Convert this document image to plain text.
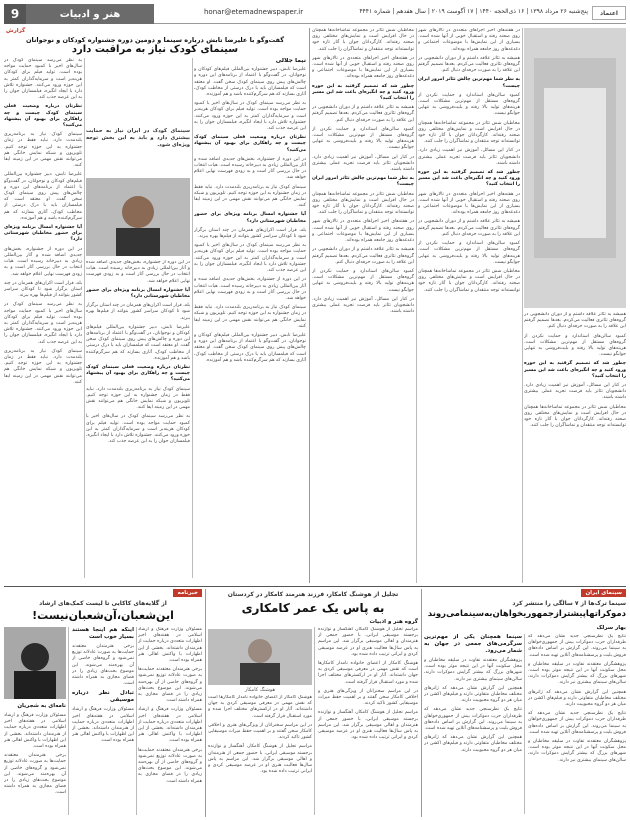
9	هنر و ادبیات	honar@etemadnewspaper.ir	پنج‌شنبه ۲۶ مرداد ۱۳۹۸ | ۱۶ ذی‌الحجه ۱۴۴۰ | ۱۷ آگوست ۲۰۱۹ | سال هفدهم | شماره ۴۴۴۱	اعتماد
گزارش
گفت‌وگو با علیرضا تابش درباره سینما و دومین دوره جشنواره کودکان و نوجوانان
سینمای کودک نیاز به مراقبت دارد
نیما جلالی

علیرضا تابش، دبیر جشنواره بین‌المللی فیلم‌های کودکان و نوجوانان، در گفت‌وگو با اعتماد از برنامه‌های این دوره و چالش‌های پیش روی سینمای کودک سخن گفت. او معتقد است که فیلمسازان باید با درک درستی از مخاطب کودک، آثاری بسازند که هم سرگرم‌کننده باشد و هم آموزنده.

به نظر می‌رسد سینمای کودک در سال‌های اخیر با کمبود حمایت مواجه بوده است. تولید فیلم برای کودکان هزینه‌بر است و سرمایه‌گذاران کمتر به این حوزه ورود می‌کنند. جشنواره تلاش دارد با ایجاد انگیزه، فیلمسازان جوان را به این عرصه جذب کند.

نظرتان درباره وضعیت فعلی سینمای کودک چیست و چه راهکاری برای بهبود آن پیشنهاد می‌کنید؟

در این دوره از جشنواره، بخش‌های جدیدی اضافه شده و آثار بین‌المللی زیادی به دبیرخانه رسیده است. هیات انتخاب در حال بررسی آثار است و به زودی فهرست نهایی اعلام خواهد شد.

سینمای کودک نیاز به برنامه‌ریزی بلندمدت دارد. نباید فقط در زمان جشنواره به این حوزه توجه کنیم. تلویزیون و شبکه نمایش خانگی هم می‌توانند نقش مهمی در این زمینه ایفا کنند.

آیا جشنواره امسال برنامه ویژه‌ای برای حضور مخاطبان شهرستانی دارد؟

بله، قرار است اکران‌های همزمان در چند استان برگزار شود تا کودکان سراسر کشور بتوانند از فیلم‌ها بهره ببرند.

به نظر می‌رسد سینمای کودک در سال‌های اخیر با کمبود حمایت مواجه بوده است. تولید فیلم برای کودکان هزینه‌بر است و سرمایه‌گذاران کمتر به این حوزه ورود می‌کنند. جشنواره تلاش دارد با ایجاد انگیزه، فیلمسازان جوان را به این عرصه جذب کند.

در این دوره از جشنواره، بخش‌های جدیدی اضافه شده و آثار بین‌المللی زیادی به دبیرخانه رسیده است. هیات انتخاب در حال بررسی آثار است و به زودی فهرست نهایی اعلام خواهد شد.

سینمای کودک نیاز به برنامه‌ریزی بلندمدت دارد. نباید فقط در زمان جشنواره به این حوزه توجه کنیم. تلویزیون و شبکه نمایش خانگی هم می‌توانند نقش مهمی در این زمینه ایفا کنند.

علیرضا تابش، دبیر جشنواره بین‌المللی فیلم‌های کودکان و نوجوانان، در گفت‌وگو با اعتماد از برنامه‌های این دوره و چالش‌های پیش روی سینمای کودک سخن گفت. او معتقد است که فیلمسازان باید با درک درستی از مخاطب کودک، آثاری بسازند که هم سرگرم‌کننده باشد و هم آموزنده.

سینمای کودک در ایران نیاز به حمایت بیشتری دارد و باید به این بخش توجه ویژه‌ای شود.

به نظر می‌رسد سینمای کودک در سال‌های اخیر با کمبود حمایت مواجه بوده است. تولید فیلم برای کودکان هزینه‌بر است و سرمایه‌گذاران کمتر به این حوزه ورود می‌کنند. جشنواره تلاش دارد با ایجاد انگیزه، فیلمسازان جوان را به این عرصه جذب کند.

نظرتان درباره وضعیت فعلی سینمای کودک چیست و چه راهکاری برای بهبود آن پیشنهاد می‌کنید؟

سینمای کودک نیاز به برنامه‌ریزی بلندمدت دارد. نباید فقط در زمان جشنواره به این حوزه توجه کنیم. تلویزیون و شبکه نمایش خانگی هم می‌توانند نقش مهمی در این زمینه ایفا کنند.

علیرضا تابش، دبیر جشنواره بین‌المللی فیلم‌های کودکان و نوجوانان، در گفت‌وگو با اعتماد از برنامه‌های این دوره و چالش‌های پیش روی سینمای کودک سخن گفت. او معتقد است که فیلمسازان باید با درک درستی از مخاطب کودک، آثاری بسازند که هم سرگرم‌کننده باشد و هم آموزنده.

آیا جشنواره امسال برنامه ویژه‌ای برای حضور مخاطبان شهرستانی دارد؟

در این دوره از جشنواره، بخش‌های جدیدی اضافه شده و آثار بین‌المللی زیادی به دبیرخانه رسیده است. هیات انتخاب در حال بررسی آثار است و به زودی فهرست نهایی اعلام خواهد شد.

بله، قرار است اکران‌های همزمان در چند استان برگزار شود تا کودکان سراسر کشور بتوانند از فیلم‌ها بهره ببرند.

به نظر می‌رسد سینمای کودک در سال‌های اخیر با کمبود حمایت مواجه بوده است. تولید فیلم برای کودکان هزینه‌بر است و سرمایه‌گذاران کمتر به این حوزه ورود می‌کنند. جشنواره تلاش دارد با ایجاد انگیزه، فیلمسازان جوان را به این عرصه جذب کند.

سینمای کودک نیاز به برنامه‌ریزی بلندمدت دارد. نباید فقط در زمان جشنواره به این حوزه توجه کنیم. تلویزیون و شبکه نمایش خانگی هم می‌توانند نقش مهمی در این زمینه ایفا کنند.

در این دوره از جشنواره، بخش‌های جدیدی اضافه شده و آثار بین‌المللی زیادی به دبیرخانه رسیده است. هیات انتخاب در حال بررسی آثار است و به زودی فهرست نهایی اعلام خواهد شد.

آیا جشنواره امسال برنامه ویژه‌ای برای حضور مخاطبان شهرستانی دارد؟

بله، قرار است اکران‌های همزمان در چند استان برگزار شود تا کودکان سراسر کشور بتوانند از فیلم‌ها بهره ببرند.

علیرضا تابش، دبیر جشنواره بین‌المللی فیلم‌های کودکان و نوجوانان، در گفت‌وگو با اعتماد از برنامه‌های این دوره و چالش‌های پیش روی سینمای کودک سخن گفت. او معتقد است که فیلمسازان باید با درک درستی از مخاطب کودک، آثاری بسازند که هم سرگرم‌کننده باشد و هم آموزنده.

نظرتان درباره وضعیت فعلی سینمای کودک چیست و چه راهکاری برای بهبود آن پیشنهاد می‌کنید؟

سینمای کودک نیاز به برنامه‌ریزی بلندمدت دارد. نباید فقط در زمان جشنواره به این حوزه توجه کنیم. تلویزیون و شبکه نمایش خانگی هم می‌توانند نقش مهمی در این زمینه ایفا کنند.

به نظر می‌رسد سینمای کودک در سال‌های اخیر با کمبود حمایت مواجه بوده است. تولید فیلم برای کودکان هزینه‌بر است و سرمایه‌گذاران کمتر به این حوزه ورود می‌کنند. جشنواره تلاش دارد با ایجاد انگیزه، فیلمسازان جوان را به این عرصه جذب کند.

مخاطبان شش تئاتر در مجموعه تماشاخانه‌ها همچنان در حال افزایش است و نمایش‌های مختلفی روی صحنه رفته‌اند. کارگردانان جوان با آثار تازه خود توانسته‌اند توجه منتقدان و تماشاگران را جلب کنند.

در هفته‌های اخیر اجراهای متعددی در تالارهای شهر روی صحنه رفته و استقبال خوبی از آنها شده است. بسیاری از این نمایش‌ها با موضوعات اجتماعی و دغدغه‌های روز جامعه همراه بوده‌اند.

چطور شد که تصمیم گرفتید به این حوزه ورود کنید و چه انگیزه‌ای باعث شد این مسیر را انتخاب کنید؟

همیشه به تئاتر علاقه داشتم و از دوران دانشجویی در گروه‌های تئاتری فعالیت می‌کردم. بعدها تصمیم گرفتم این علاقه را به صورت حرفه‌ای دنبال کنم.

کمبود سالن‌های استاندارد و حمایت نکردن از گروه‌های مستقل از مهم‌ترین مشکلات است. هزینه‌های تولید بالا رفته و بلیت‌فروشی به تنهایی جوابگو نیست.

در کنار این مسائل، آموزش نیز اهمیت زیادی دارد. دانشجویان تئاتر باید فرصت تجربه عملی بیشتری داشته باشند.

به نظر شما مهم‌ترین چالش تئاتر امروز ایران چیست؟

مخاطبان شش تئاتر در مجموعه تماشاخانه‌ها همچنان در حال افزایش است و نمایش‌های مختلفی روی صحنه رفته‌اند. کارگردانان جوان با آثار تازه خود توانسته‌اند توجه منتقدان و تماشاگران را جلب کنند.

در هفته‌های اخیر اجراهای متعددی در تالارهای شهر روی صحنه رفته و استقبال خوبی از آنها شده است. بسیاری از این نمایش‌ها با موضوعات اجتماعی و دغدغه‌های روز جامعه همراه بوده‌اند.

همیشه به تئاتر علاقه داشتم و از دوران دانشجویی در گروه‌های تئاتری فعالیت می‌کردم. بعدها تصمیم گرفتم این علاقه را به صورت حرفه‌ای دنبال کنم.

کمبود سالن‌های استاندارد و حمایت نکردن از گروه‌های مستقل از مهم‌ترین مشکلات است. هزینه‌های تولید بالا رفته و بلیت‌فروشی به تنهایی جوابگو نیست.

در کنار این مسائل، آموزش نیز اهمیت زیادی دارد. دانشجویان تئاتر باید فرصت تجربه عملی بیشتری داشته باشند.

در هفته‌های اخیر اجراهای متعددی در تالارهای شهر روی صحنه رفته و استقبال خوبی از آنها شده است. بسیاری از این نمایش‌ها با موضوعات اجتماعی و دغدغه‌های روز جامعه همراه بوده‌اند.

همیشه به تئاتر علاقه داشتم و از دوران دانشجویی در گروه‌های تئاتری فعالیت می‌کردم. بعدها تصمیم گرفتم این علاقه را به صورت حرفه‌ای دنبال کنم.

به نظر شما مهم‌ترین چالش تئاتر امروز ایران چیست؟

کمبود سالن‌های استاندارد و حمایت نکردن از گروه‌های مستقل از مهم‌ترین مشکلات است. هزینه‌های تولید بالا رفته و بلیت‌فروشی به تنهایی جوابگو نیست.

مخاطبان شش تئاتر در مجموعه تماشاخانه‌ها همچنان در حال افزایش است و نمایش‌های مختلفی روی صحنه رفته‌اند. کارگردانان جوان با آثار تازه خود توانسته‌اند توجه منتقدان و تماشاگران را جلب کنند.

در کنار این مسائل، آموزش نیز اهمیت زیادی دارد. دانشجویان تئاتر باید فرصت تجربه عملی بیشتری داشته باشند.

چطور شد که تصمیم گرفتید به این حوزه ورود کنید و چه انگیزه‌ای باعث شد این مسیر را انتخاب کنید؟

در هفته‌های اخیر اجراهای متعددی در تالارهای شهر روی صحنه رفته و استقبال خوبی از آنها شده است. بسیاری از این نمایش‌ها با موضوعات اجتماعی و دغدغه‌های روز جامعه همراه بوده‌اند.

همیشه به تئاتر علاقه داشتم و از دوران دانشجویی در گروه‌های تئاتری فعالیت می‌کردم. بعدها تصمیم گرفتم این علاقه را به صورت حرفه‌ای دنبال کنم.

کمبود سالن‌های استاندارد و حمایت نکردن از گروه‌های مستقل از مهم‌ترین مشکلات است. هزینه‌های تولید بالا رفته و بلیت‌فروشی به تنهایی جوابگو نیست.

مخاطبان شش تئاتر در مجموعه تماشاخانه‌ها همچنان در حال افزایش است و نمایش‌های مختلفی روی صحنه رفته‌اند. کارگردانان جوان با آثار تازه خود توانسته‌اند توجه منتقدان و تماشاگران را جلب کنند.

همیشه به تئاتر علاقه داشتم و از دوران دانشجویی در گروه‌های تئاتری فعالیت می‌کردم. بعدها تصمیم گرفتم این علاقه را به صورت حرفه‌ای دنبال کنم.

کمبود سالن‌های استاندارد و حمایت نکردن از گروه‌های مستقل از مهم‌ترین مشکلات است. هزینه‌های تولید بالا رفته و بلیت‌فروشی به تنهایی جوابگو نیست.

چطور شد که تصمیم گرفتید به این حوزه ورود کنید و چه انگیزه‌ای باعث شد این مسیر را انتخاب کنید؟

در کنار این مسائل، آموزش نیز اهمیت زیادی دارد. دانشجویان تئاتر باید فرصت تجربه عملی بیشتری داشته باشند.

مخاطبان شش تئاتر در مجموعه تماشاخانه‌ها همچنان در حال افزایش است و نمایش‌های مختلفی روی صحنه رفته‌اند. کارگردانان جوان با آثار تازه خود توانسته‌اند توجه منتقدان و تماشاگران را جلب کنند.

سینمای ایران
سینما ترک‌ها از ۷ سالگی را منتشر کرد
دموکراتهاپیشترازجمهوریخواهان‌به‌سینمامی‌روند
بهار سرلک

نتایج یک نظرسنجی جدید نشان می‌دهد که طرفداران حزب دموکرات بیش از جمهوری‌خواهان به سینما می‌روند. این گزارش بر اساس داده‌های فروش بلیت و پرسشنامه‌های آنلاین تهیه شده است.

پژوهشگران معتقدند تفاوت در سلیقه مخاطبان و محل سکونت آنها در این نتیجه موثر بوده است. شهرهای بزرگ که بیشتر گرایش دموکرات دارند، سالن‌های سینمای بیشتری نیز دارند.

همچنین این گزارش نشان می‌دهد که ژانرهای مختلف مخاطبان متفاوتی دارند و فیلم‌های اکشن در میان هر دو گروه محبوبیت دارند.

نتایج یک نظرسنجی جدید نشان می‌دهد که طرفداران حزب دموکرات بیش از جمهوری‌خواهان به سینما می‌روند. این گزارش بر اساس داده‌های فروش بلیت و پرسشنامه‌های آنلاین تهیه شده است.

پژوهشگران معتقدند تفاوت در سلیقه مخاطبان و محل سکونت آنها در این نتیجه موثر بوده است. شهرهای بزرگ که بیشتر گرایش دموکرات دارند، سالن‌های سینمای بیشتری نیز دارند.

سینما همچنان یکی از مهم‌ترین سرگرمی‌های جمعی در جهان به شمار می‌رود.

پژوهشگران معتقدند تفاوت در سلیقه مخاطبان و محل سکونت آنها در این نتیجه موثر بوده است. شهرهای بزرگ که بیشتر گرایش دموکرات دارند، سالن‌های سینمای بیشتری نیز دارند.

همچنین این گزارش نشان می‌دهد که ژانرهای مختلف مخاطبان متفاوتی دارند و فیلم‌های اکشن در میان هر دو گروه محبوبیت دارند.

نتایج یک نظرسنجی جدید نشان می‌دهد که طرفداران حزب دموکرات بیش از جمهوری‌خواهان به سینما می‌روند. این گزارش بر اساس داده‌های فروش بلیت و پرسشنامه‌های آنلاین تهیه شده است.

همچنین این گزارش نشان می‌دهد که ژانرهای مختلف مخاطبان متفاوتی دارند و فیلم‌های اکشن در میان هر دو گروه محبوبیت دارند.

تجلیل از هوشنگ کامکار، فرزند هنرمند کامکار در کردستان
به پاس یک عمر کامکاری
گروه هنر و ادبیات

مراسم تجلیل از هوشنگ کامکار، آهنگساز و نوازنده برجسته موسیقی ایرانی، با حضور جمعی از هنرمندان و اهالی موسیقی برگزار شد. این مراسم به پاس سال‌ها فعالیت هنری او در عرصه موسیقی کردی و ایرانی ترتیب داده شده بود.

هوشنگ کامکار از اعضای خانواده نامدار کامکارها است که نقش مهمی در معرفی موسیقی کردی به جهان داشته‌اند. آثار او در ارکسترهای مختلف اجرا شده و مورد استقبال قرار گرفته است.

در این مراسم سخنرانان از ویژگی‌های هنری و اخلاقی کامکار سخن گفتند و بر اهمیت حفظ میراث موسیقایی کشور تاکید کردند.

مراسم تجلیل از هوشنگ کامکار، آهنگساز و نوازنده برجسته موسیقی ایرانی، با حضور جمعی از هنرمندان و اهالی موسیقی برگزار شد. این مراسم به پاس سال‌ها فعالیت هنری او در عرصه موسیقی کردی و ایرانی ترتیب داده شده بود.

هوشنگ کامکار

هوشنگ کامکار از اعضای خانواده نامدار کامکارها است که نقش مهمی در معرفی موسیقی کردی به جهان داشته‌اند. آثار او در ارکسترهای مختلف اجرا شده و مورد استقبال قرار گرفته است.

در این مراسم سخنرانان از ویژگی‌های هنری و اخلاقی کامکار سخن گفتند و بر اهمیت حفظ میراث موسیقایی کشور تاکید کردند.

مراسم تجلیل از هوشنگ کامکار، آهنگساز و نوازنده برجسته موسیقی ایرانی، با حضور جمعی از هنرمندان و اهالی موسیقی برگزار شد. این مراسم به پاس سال‌ها فعالیت هنری او در عرصه موسیقی کردی و ایرانی ترتیب داده شده بود.

خبرنامه
از گلایه‌های کاکایی تا لیست کمک‌های ارشاد
این‌شعبان،آن‌شعبان‌نیست!

مسئولان وزارت فرهنگ و ارشاد اسلامی در هفته‌های اخیر اظهارات متعددی درباره حمایت از هنرمندان داشته‌اند. بخشی از این اظهارات با واکنش اهالی هنر همراه بوده است.

برخی هنرمندان معتقدند حمایت‌ها به صورت عادلانه توزیع نمی‌شود و گروه‌های خاصی از آن بهره‌مند می‌شوند. این موضوع بحث‌های زیادی را در فضای مجازی به همراه داشته است.

مسئولان وزارت فرهنگ و ارشاد اسلامی در هفته‌های اخیر اظهارات متعددی درباره حمایت از هنرمندان داشته‌اند. بخشی از این اظهارات با واکنش اهالی هنر همراه بوده است.

برخی هنرمندان معتقدند حمایت‌ها به صورت عادلانه توزیع نمی‌شود و گروه‌های خاصی از آن بهره‌مند می‌شوند. این موضوع بحث‌های زیادی را در فضای مجازی به همراه داشته است.

اینکه هم اینجا هستند بسیار خوب است

برخی هنرمندان معتقدند حمایت‌ها به صورت عادلانه توزیع نمی‌شود و گروه‌های خاصی از آن بهره‌مند می‌شوند. این موضوع بحث‌های زیادی را در فضای مجازی به همراه داشته است.

تبادل نظر درباره موسیقی

مسئولان وزارت فرهنگ و ارشاد اسلامی در هفته‌های اخیر اظهارات متعددی درباره حمایت از هنرمندان داشته‌اند. بخشی از این اظهارات با واکنش اهالی هنر همراه بوده است.

نامه‌ای به شجریان

مسئولان وزارت فرهنگ و ارشاد اسلامی در هفته‌های اخیر اظهارات متعددی درباره حمایت از هنرمندان داشته‌اند. بخشی از این اظهارات با واکنش اهالی هنر همراه بوده است.

برخی هنرمندان معتقدند حمایت‌ها به صورت عادلانه توزیع نمی‌شود و گروه‌های خاصی از آن بهره‌مند می‌شوند. این موضوع بحث‌های زیادی را در فضای مجازی به همراه داشته است.
